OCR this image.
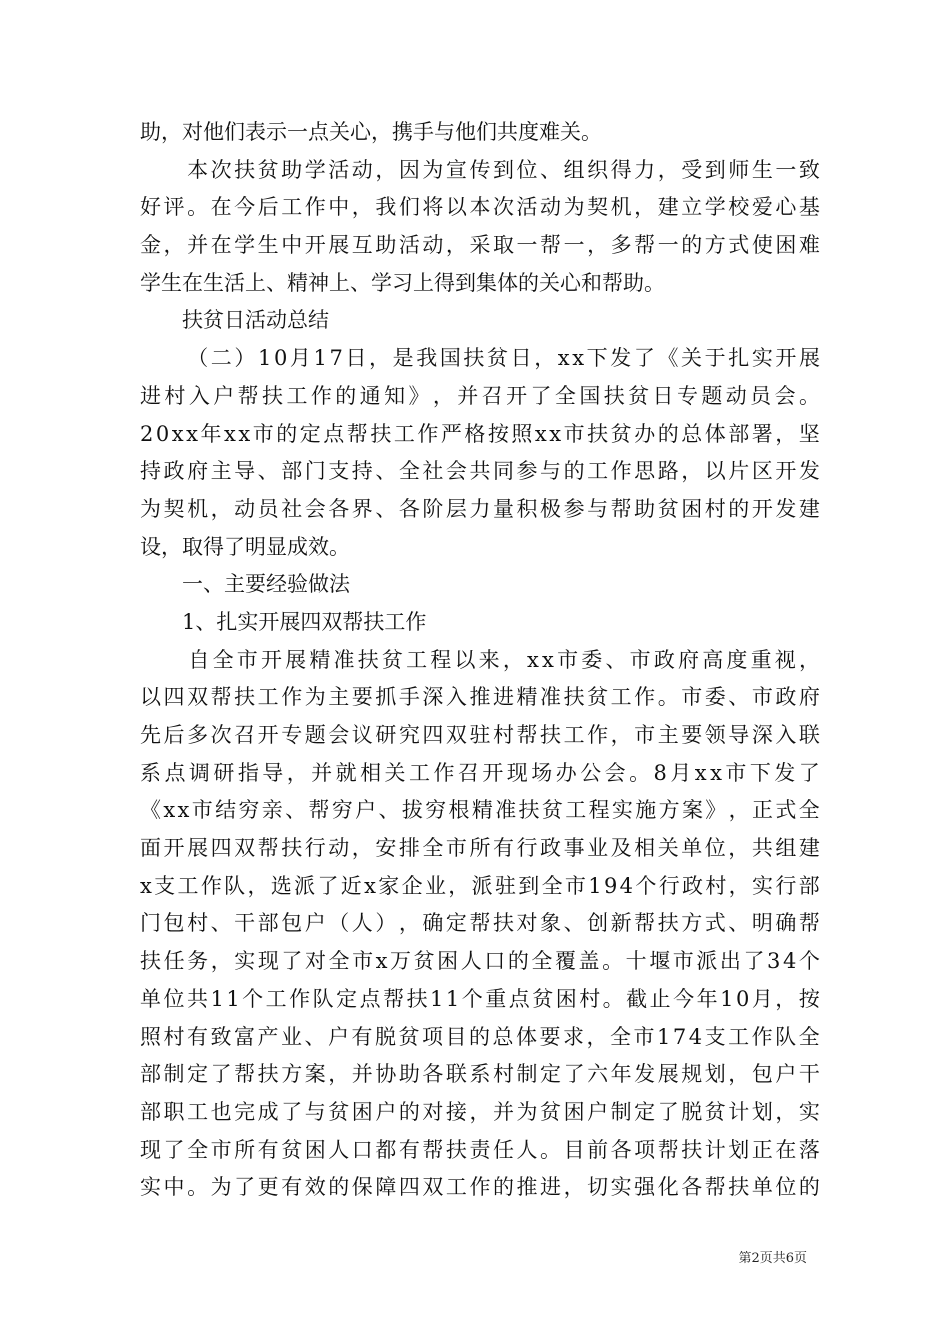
助，对他们表示一点关心，携手与他们共度难关。

本 次 扶 贫 助 学 活 动 ， 因 为 宣 传 到 位 、 组 织 得 力 ， 受 到 师 生 一 致
好 评 。 在 今 后 工 作 中 ， 我 们 将 以 本 次 活 动 为 契 机 ， 建 立 学 校 爱 心 基
金 ， 并 在 学 生 中 开 展 互 助 活 动 ， 采 取 一 帮 一 ， 多 帮 一 的 方 式 使 困 难
学生在生活上、精神上、学习上得到集体的关心和帮助。
　　扶贫日活动总结

（ 二 ） 1 0 月 1 7 日 ， 是 我 国 扶 贫 日 ， x x 下 发 了 《 关 于 扎 实 开 展
进 村 入 户 帮 扶 工 作 的 通 知 》 ， 并 召 开 了 全 国 扶 贫 日 专 题 动 员 会 。
2 0 x x 年 x x 市 的 定 点 帮 扶 工 作 严 格 按 照 x x 市 扶 贫 办 的 总 体 部 署 ， 坚
持 政 府 主 导 、 部 门 支 持 、 全 社 会 共 同 参 与 的 工 作 思 路 ， 以 片 区 开 发
为 契 机 ， 动 员 社 会 各 界 、 各 阶 层 力 量 积 极 参 与 帮 助 贫 困 村 的 开 发 建
设，取得了明显成效。
　　一、主要经验做法
　　1、扎实开展四双帮扶工作

自 全 市 开 展 精 准 扶 贫 工 程 以 来 ， x x 市 委 、 市 政 府 高 度 重 视 ，
以 四 双 帮 扶 工 作 为 主 要 抓 手 深 入 推 进 精 准 扶 贫 工 作 。 市 委 、 市 政 府
先 后 多 次 召 开 专 题 会 议 研 究 四 双 驻 村 帮 扶 工 作 ， 市 主 要 领 导 深 入 联
系 点 调 研 指 导 ， 并 就 相 关 工 作 召 开 现 场 办 公 会 。 8 月 x x 市 下 发 了
《 x x 市 结 穷 亲 、 帮 穷 户 、 拔 穷 根 精 准 扶 贫 工 程 实 施 方 案 》 ， 正 式 全
面 开 展 四 双 帮 扶 行 动 ， 安 排 全 市 所 有 行 政 事 业 及 相 关 单 位 ， 共 组 建
x 支 工 作 队 ， 选 派 了 近 x 家 企 业 ， 派 驻 到 全 市 1 9 4 个 行 政 村 ， 实 行 部
门 包 村 、 干 部 包 户 （ 人 ） ， 确 定 帮 扶 对 象 、 创 新 帮 扶 方 式 、 明 确 帮
扶 任 务 ， 实 现 了 对 全 市 x 万 贫 困 人 口 的 全 覆 盖 。 十 堰 市 派 出 了 3 4 个
单 位 共 1 1 个 工 作 队 定 点 帮 扶 1 1 个 重 点 贫 困 村 。 截 止 今 年 1 0 月 ， 按
照 村 有 致 富 产 业 、 户 有 脱 贫 项 目 的 总 体 要 求 ， 全 市 1 7 4 支 工 作 队 全
部 制 定 了 帮 扶 方 案 ， 并 协 助 各 联 系 村 制 定 了 六 年 发 展 规 划 ， 包 户 干
部 职 工 也 完 成 了 与 贫 困 户 的 对 接 ， 并 为 贫 困 户 制 定 了 脱 贫 计 划 ， 实
现 了 全 市 所 有 贫 困 人 口 都 有 帮 扶 责 任 人 。 目 前 各 项 帮 扶 计 划 正 在 落
实 中 。 为 了 更 有 效 的 保 障 四 双 工 作 的 推 进 ， 切 实 强 化 各 帮 扶 单 位 的
第2页共6页
